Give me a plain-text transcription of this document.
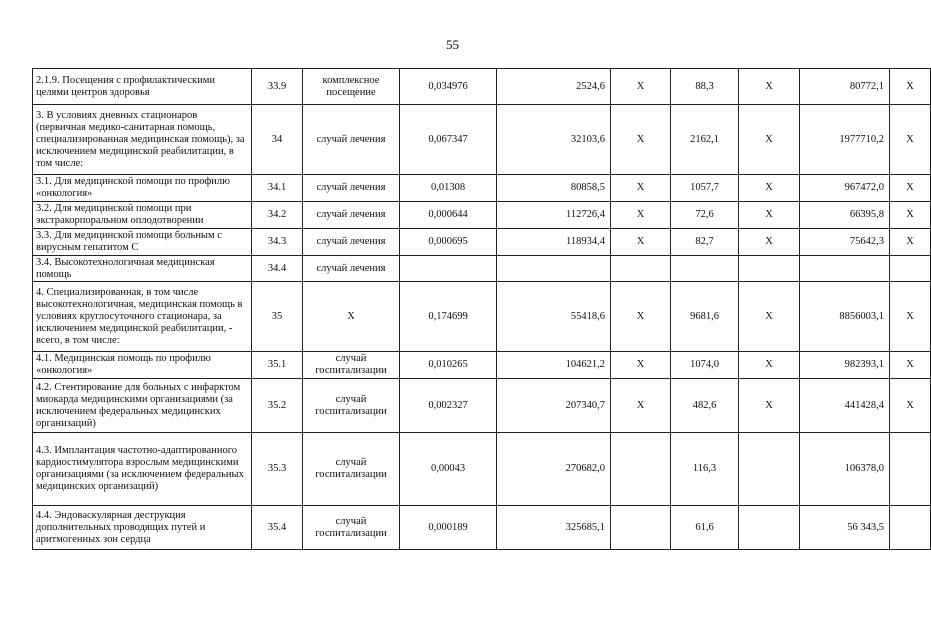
55
2.1.9. Посещения с профилактическими целями центров здоровья	33.9	комплексное посещение	0,034976	2524,6	Х	88,3	Х	80772,1	Х
3. В условиях дневных стационаров (первичная медико-санитарная помощь, специализированная медицинская помощь), за исключением медицинской реабилитации, в том числе:	34	случай лечения	0,067347	32103,6	Х	2162,1	Х	1977710,2	Х
3.1. Для медицинской помощи по профилю «онкология»	34.1	случай лечения	0,01308	80858,5	Х	1057,7	Х	967472,0	Х
3.2. Для медицинской помощи при экстракорпоральном оплодотворении	34.2	случай лечения	0,000644	112726,4	Х	72,6	Х	66395,8	Х
3.3. Для медицинской помощи больным с вирусным гепатитом С	34.3	случай лечения	0,000695	118934,4	Х	82,7	Х	75642,3	Х
3.4. Высокотехнологичная медицинская помощь	34.4	случай лечения							
4. Специализированная, в том числе высокотехнологичная, медицинская помощь в условиях круглосуточного стационара, за исключением медицинской реабилитации, - всего, в том числе:	35	Х	0,174699	55418,6	Х	9681,6	Х	8856003,1	Х
4.1. Медицинская помощь по профилю «онкология»	35.1	случай госпитализации	0,010265	104621,2	Х	1074,0	Х	982393,1	Х
4.2. Стентирование для больных с инфарктом миокарда медицинскими организациями (за исключением федеральных медицинских организаций)	35.2	случай госпитализации	0,002327	207340,7	Х	482,6	Х	441428,4	Х
4.3. Имплантация частотно-адаптированного кардиостимулятора взрослым медицинскими организациями (за исключением федеральных медицинских организаций)	35.3	случай госпитализации	0,00043	270682,0		116,3		106378,0	
4.4. Эндоваскулярная деструкция дополнительных проводящих путей и аритмогенных зон сердца	35.4	случай госпитализации	0,000189	325685,1		61,6		56 343,5	
